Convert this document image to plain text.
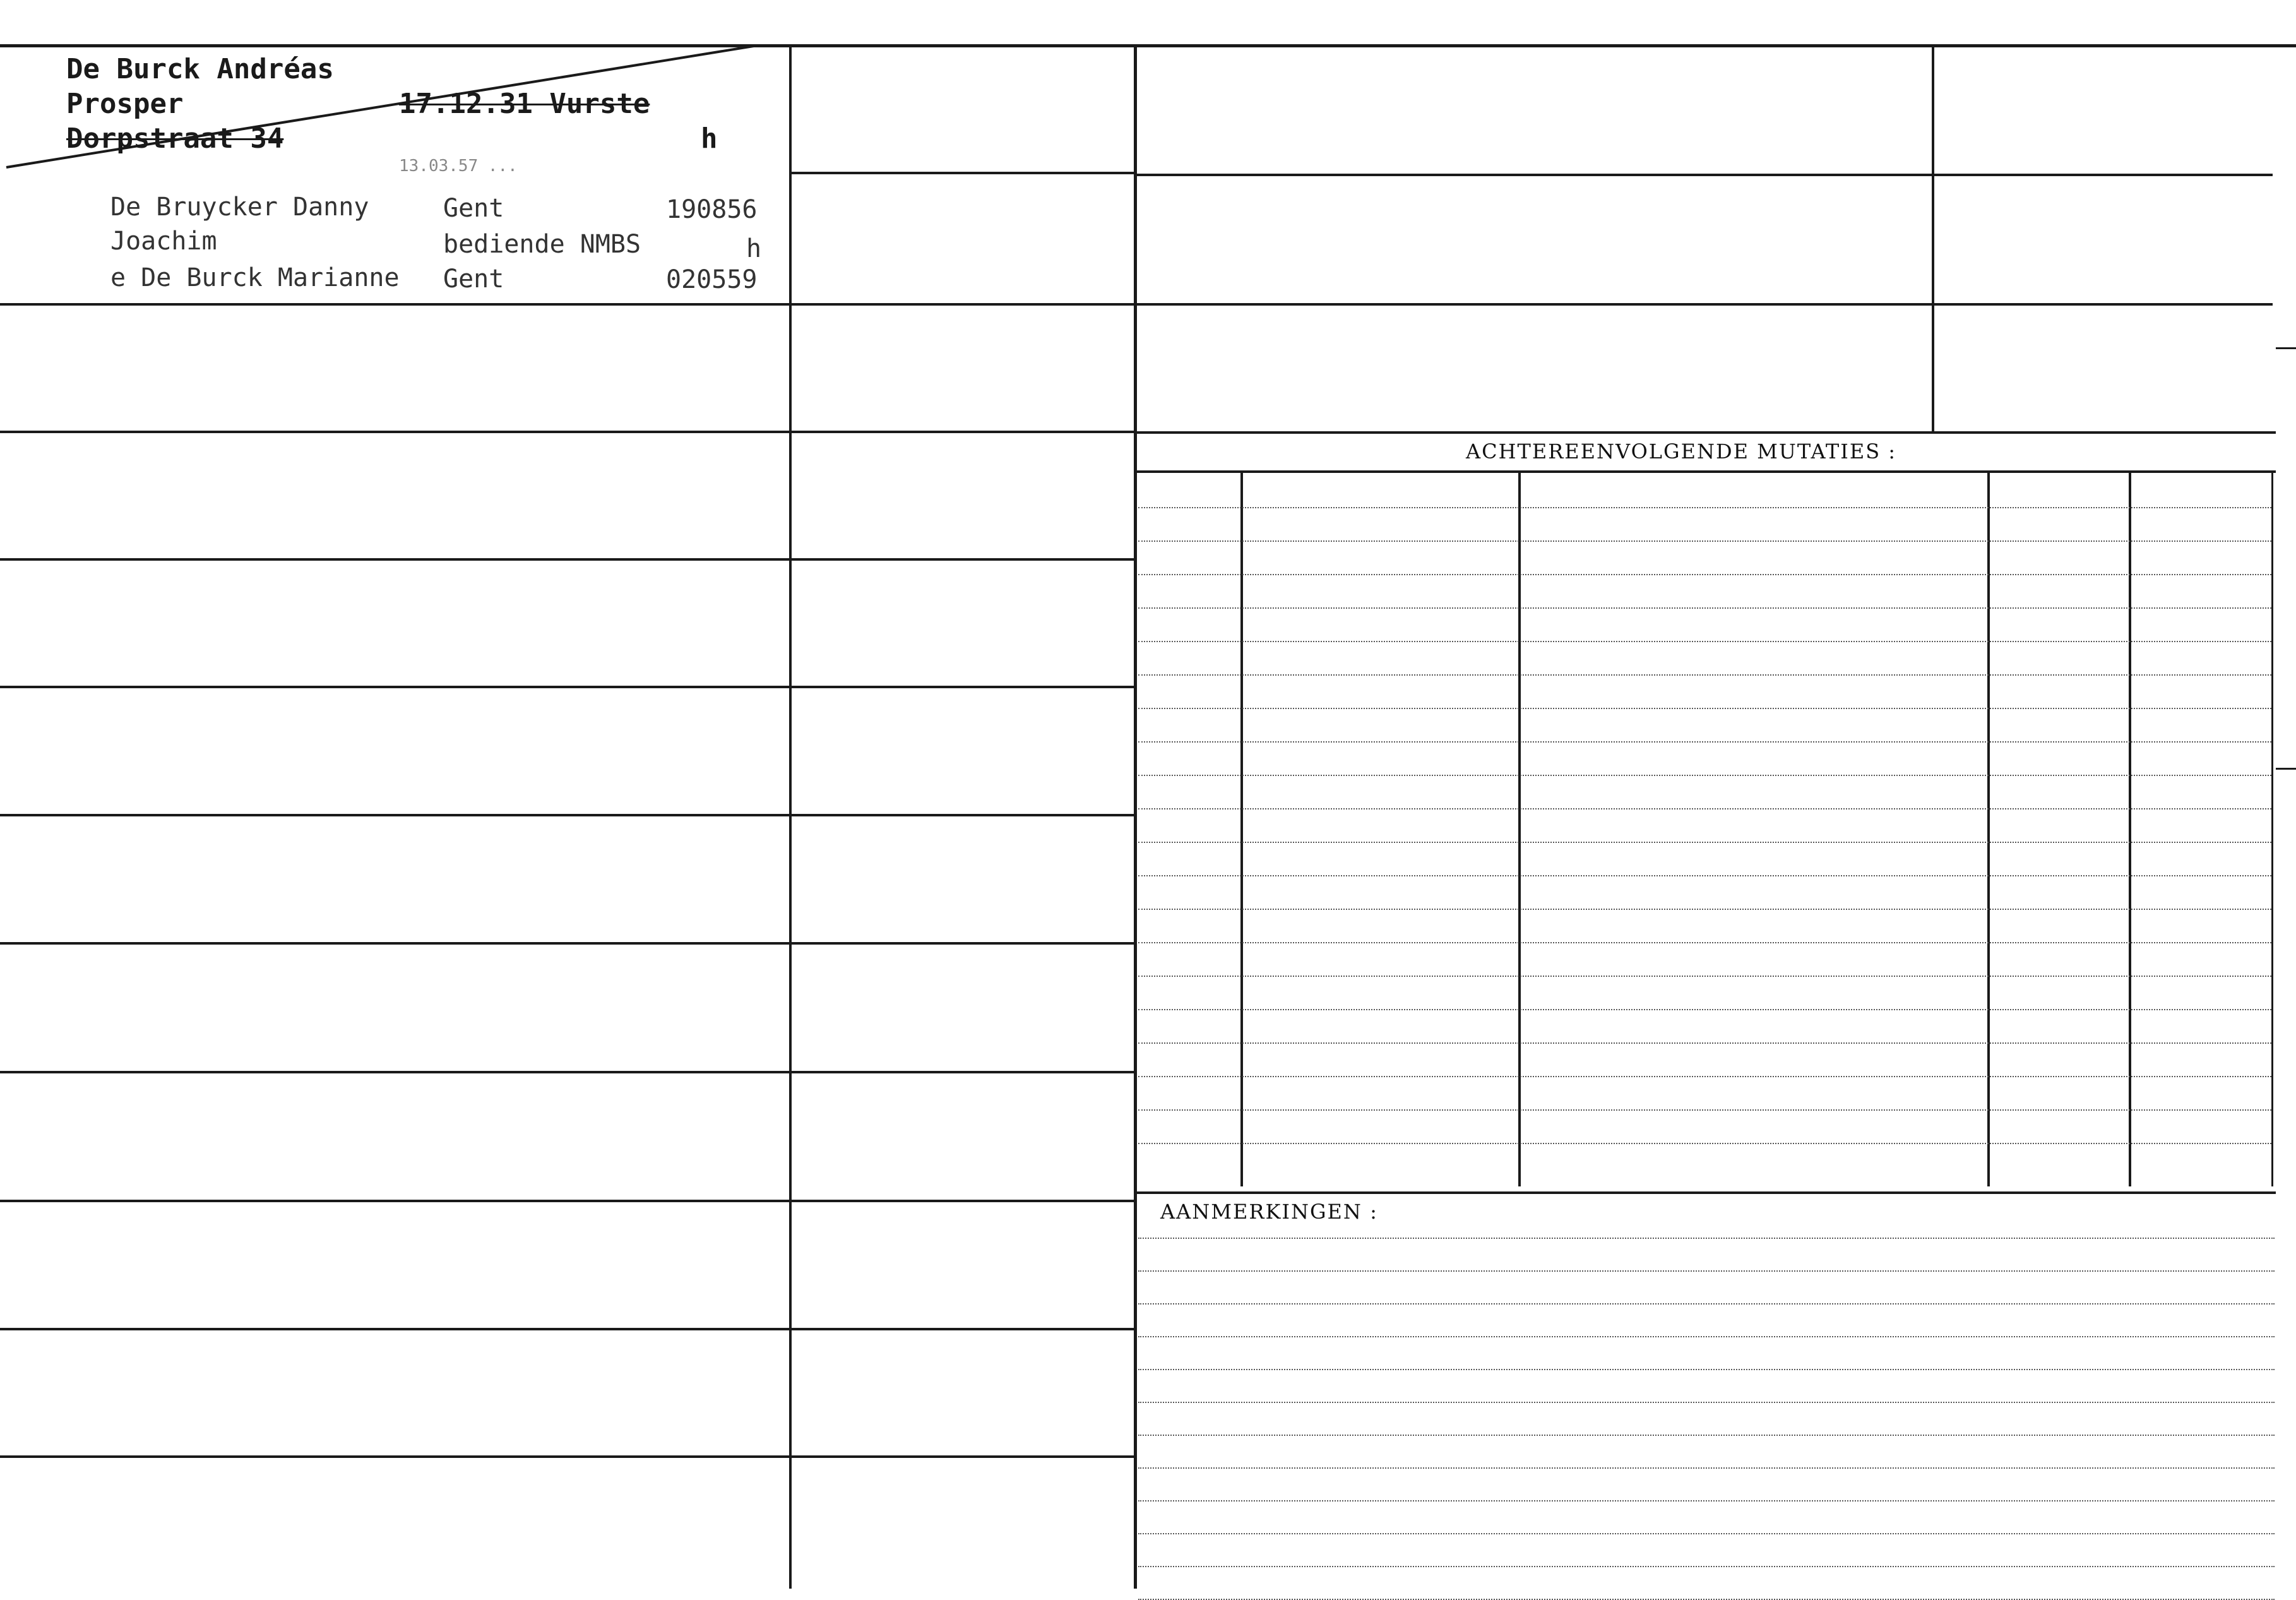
De Burck Andréas
Prosper	17.12.31 Vurste
Dorpstraat 34	h
13.03.57 ...
De Bruycker Danny
Joachim
e De Burck Marianne
Gent
bediende NMBS
Gent
190856
h
020559
ACHTEREENVOLGENDE MUTATIES :
AANMERKINGEN :
